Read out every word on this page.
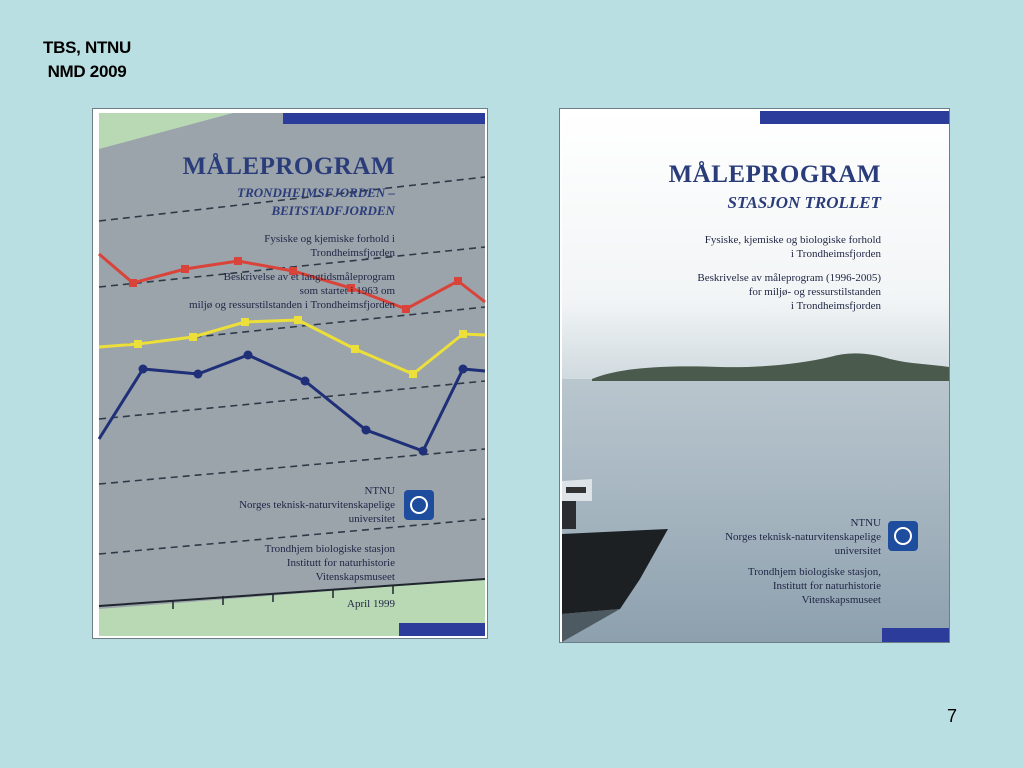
TBS, NTNU
NMD 2009
MÅLEPROGRAM
TRONDHEIMSFJORDEN –
BEITSTADFJORDEN
Fysiske og kjemiske forhold i
Trondheimsfjorden
Beskrivelse av et langtidsmåleprogram
som startet i 1963 om
miljø og ressurstilstanden i Trondheimsfjorden
NTNU
Norges teknisk-naturvitenskapelige
universitet
Trondhjem biologiske stasjon
Institutt for naturhistorie
Vitenskapsmuseet
April 1999
MÅLEPROGRAM
STASJON TROLLET
Fysiske, kjemiske og biologiske forhold
i Trondheimsfjorden
Beskrivelse av måleprogram (1996-2005)
for miljø- og ressurstilstanden
i Trondheimsfjorden
NTNU
Norges teknisk-naturvitenskapelige
universitet
Trondhjem biologiske stasjon,
Institutt for naturhistorie
Vitenskapsmuseet
7
